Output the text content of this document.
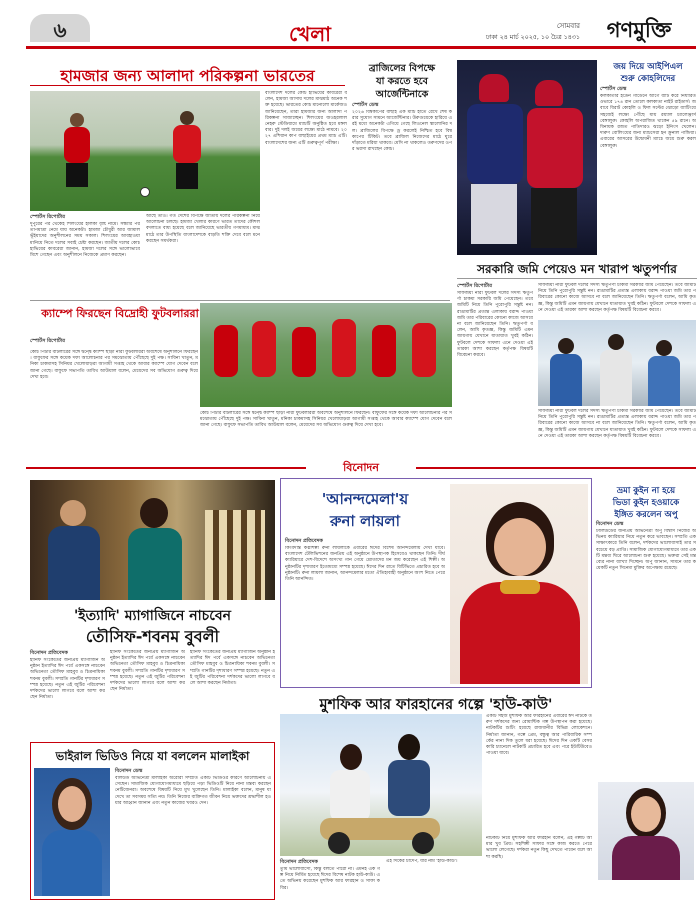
৬	খেলা	সোমবার
ঢাকা ২৪ মার্চ ২০২৫, ১০ চৈত্র ১৪৩১	গণমুক্তি
হামজার জন্য আলাদা পরিকল্পনা ভারতের
স্পোর্টস রিপোর্টার
দুপুরের পর থেকেই শিলংয়ের হালকা বৃষ্টি নামে। সন্ধ্যার পর তাপমাত্রা নেমে যায় অনেকটা। হামজা চৌধুরী আর জামাল ভূঁইয়াদের অনুশীলনের সময় সকাল। শিলংয়ের আবহাওয়া মানিয়ে নিতে দলের সবাই চেষ্টা করছেন। জাতীয় দলের কোচ হাভিয়ের কাবরেরা জানান, হামজা দলের সঙ্গে ভালোভাবে মিশে গেছেন এবং অনুশীলনে নিজেকে প্রমাণ করছেন।
আছে তাও। গত দেশের বিপক্ষে জাতীয় দলের পরিকল্পনা নিয়ে আলোচনা চলছে। হামজা খেলার কারণে ভারত তাদের কৌশল বদলাতে বাধ্য হয়েছে বলে জানিয়েছে ভারতীয় গণমাধ্যম। মাঝমাঠে তার উপস্থিতি বাংলাদেশকে বাড়তি শক্তি দেবে বলে মনে করছেন সমর্থকরা।
বাংলাদেশ দলের কোচ হাভিয়ের কাবরেরা বলেন, হামজা আসায় দলের মাঝমাঠ অনেক শক্ত হয়েছে। ভারতের কোচ মানোলো মার্কেজও জানিয়েছেন, তারা হামজার জন্য আলাদা পরিকল্পনা সাজাচ্ছেন। শিলংয়ের জওহরলাল নেহরু স্টেডিয়ামে ম্যাচটি অনুষ্ঠিত হবে মঙ্গলবার। দুই দলই জয়ের লক্ষ্যে মাঠে নামবে। ২০২৭ এশিয়ান কাপ বাছাইয়ের প্রথম ম্যাচ এটি। বাংলাদেশের জন্য এটি গুরুত্বপূর্ণ পরীক্ষা।
ব্রাজিলের বিপক্ষে
যা করতে হবে
আর্জেন্টিনাকে
স্পোর্টস ডেস্ক
২০২৬ বিশ্বকাপের বাছাই এক ম্যাচ হাতে রেখে শেষ করার সুযোগ সামনে আর্জেন্টিনার। উরুগুয়েকে হারিয়ে এরই মধ্যে অনেকটা এগিয়ে গেছে লিওনেল স্কালোনির দল। ব্রাজিলের বিপক্ষে ড্র করলেই নিশ্চিত হবে বিশ্বকাপের টিকিট। তবে ব্রাজিল নিজেদের মাঠে ঘুরে দাঁড়াতে মরিয়া থাকবে। মেসি না থাকলেও তরুণদের ওপর ভরসা রাখছেন কোচ।
জয় দিয়ে আইপিএল
শুরু কোহলিদের
স্পোর্টস ডেস্ক
কলকাতার ইডেন গার্ডেনে আগে ব্যাট করে নির্ধারিত ওভারে ১৭৪ রান তোলে কলকাতা নাইট রাইডার্স। জবাবে বিরাট কোহলি ও ফিল সল্টের ঝোড়ো ব্যাটিংয়ে সহজেই লক্ষ্যে পৌঁছে যায় রয়্যাল চ্যালেঞ্জার্স বেঙ্গালুরু। কোহলি অপরাজিত থাকেন ৫৯ রানে। অধিনায়ক রজত পাতিদারও ঝড়ো ইনিংস খেলেন। দারুণ বোলিংয়ের জন্য ম্যাচসেরা হন ক্রুনাল পান্ডিয়া। এবারের আসরের উদ্বোধনী ম্যাচে জয়ে শুরু করল বেঙ্গালুরু।
সরকারি জমি পেয়েও মন খারাপ ঋতুপর্ণার
স্পোর্টস রিপোর্টার
সাফজয়ী নারী ফুটবল দলের সদস্য ঋতুপর্ণা চাকমা সরকারি জমি পেয়েছেন। তবে জমিটি নিয়ে তিনি পুরোপুরি সন্তুষ্ট নন। রাঙামাটির প্রত্যন্ত এলাকায় বরাদ্দ পাওয়া জমি তার পরিবারের কোনো কাজে আসবে না বলে জানিয়েছেন তিনি। ঋতুপর্ণা বলেন, আমি কৃতজ্ঞ, কিন্তু জমিটি এমন জায়গায় যেখানে যাতায়াত খুবই কঠিন। ফুটবলে দেশকে সাফল্য এনে দেওয়া এই তারকা আশা করছেন কর্তৃপক্ষ বিষয়টি বিবেচনা করবে।
সাফজয়ী নারী ফুটবল দলের সদস্য ঋতুপর্ণা চাকমা সরকারি জমি পেয়েছেন। তবে জমিটি নিয়ে তিনি পুরোপুরি সন্তুষ্ট নন। রাঙামাটির প্রত্যন্ত এলাকায় বরাদ্দ পাওয়া জমি তার পরিবারের কোনো কাজে আসবে না বলে জানিয়েছেন তিনি। ঋতুপর্ণা বলেন, আমি কৃতজ্ঞ, কিন্তু জমিটি এমন জায়গায় যেখানে যাতায়াত খুবই কঠিন। ফুটবলে দেশকে সাফল্য এনে দেওয়া এই তারকা আশা করছেন কর্তৃপক্ষ বিষয়টি বিবেচনা করবে।
সাফজয়ী নারী ফুটবল দলের সদস্য ঋতুপর্ণা চাকমা সরকারি জমি পেয়েছেন। তবে জমিটি নিয়ে তিনি পুরোপুরি সন্তুষ্ট নন। রাঙামাটির প্রত্যন্ত এলাকায় বরাদ্দ পাওয়া জমি তার পরিবারের কোনো কাজে আসবে না বলে জানিয়েছেন তিনি। ঋতুপর্ণা বলেন, আমি কৃতজ্ঞ, কিন্তু জমিটি এমন জায়গায় যেখানে যাতায়াত খুবই কঠিন। ফুটবলে দেশকে সাফল্য এনে দেওয়া এই তারকা আশা করছেন কর্তৃপক্ষ বিষয়টি বিবেচনা করবে।
ক্যাম্পে ফিরছেন বিদ্রোহী ফুটবলাররা
স্পোর্টস রিপোর্টার
কোচ পিটার বাটলারের সঙ্গে দ্বন্দ্বে ক্যাম্প ছাড়া নারী ফুটবলাররা অবশেষে অনুশীলনে ফিরছেন। বাফুফের সঙ্গে কয়েক দফা আলোচনার পর সমঝোতায় পৌঁছেছে দুই পক্ষ। সাবিনা খাতুন, মনিকা চাকমাসহ সিনিয়র খেলোয়াড়রা আগামী সপ্তাহ থেকে আবার ক্যাম্পে যোগ দেবেন বলে জানা গেছে। বাফুফে সভাপতি তাবিথ আউয়াল বলেন, মেয়েদের সব অভিযোগ গুরুত্ব দিয়ে দেখা হবে।
কোচ পিটার বাটলারের সঙ্গে দ্বন্দ্বে ক্যাম্প ছাড়া নারী ফুটবলাররা অবশেষে অনুশীলনে ফিরছেন। বাফুফের সঙ্গে কয়েক দফা আলোচনার পর সমঝোতায় পৌঁছেছে দুই পক্ষ। সাবিনা খাতুন, মনিকা চাকমাসহ সিনিয়র খেলোয়াড়রা আগামী সপ্তাহ থেকে আবার ক্যাম্পে যোগ দেবেন বলে জানা গেছে। বাফুফে সভাপতি তাবিথ আউয়াল বলেন, মেয়েদের সব অভিযোগ গুরুত্ব দিয়ে দেখা হবে।
বিনোদন
'ইত্যাদি' ম্যাগাজিনে নাচবেন
তৌসিফ-শবনম বুবলী
বিনোদন প্রতিবেদক
হানিফ সংকেতের জনপ্রিয় ম্যাগাজিন অনুষ্ঠান ইত্যাদির ঈদ পর্বে একসঙ্গে নাচবেন অভিনেতা তৌসিফ মাহবুব ও চিত্রনায়িকা শবনম বুবলী। সম্প্রতি গানটির দৃশ্যধারণ সম্পন্ন হয়েছে। নতুন এই জুটির পরিবেশনা দর্শকদের ভালো লাগবে বলে আশা করছেন নির্মাতা।
হানিফ সংকেতের জনপ্রিয় ম্যাগাজিন অনুষ্ঠান ইত্যাদির ঈদ পর্বে একসঙ্গে নাচবেন অভিনেতা তৌসিফ মাহবুব ও চিত্রনায়িকা শবনম বুবলী। সম্প্রতি গানটির দৃশ্যধারণ সম্পন্ন হয়েছে। নতুন এই জুটির পরিবেশনা দর্শকদের ভালো লাগবে বলে আশা করছেন নির্মাতা।
হানিফ সংকেতের জনপ্রিয় ম্যাগাজিন অনুষ্ঠান ইত্যাদির ঈদ পর্বে একসঙ্গে নাচবেন অভিনেতা তৌসিফ মাহবুব ও চিত্রনায়িকা শবনম বুবলী। সম্প্রতি গানটির দৃশ্যধারণ সম্পন্ন হয়েছে। নতুন এই জুটির পরিবেশনা দর্শকদের ভালো লাগবে বলে আশা করছেন নির্মাতা।
'আনন্দমেলা'য়
রুনা লায়লা
বিনোদন প্রতিবেদক
কিংবদন্তি কণ্ঠশিল্পী রুনা লায়লাকে এবারের ঈদের বিশেষ আনন্দমেলায় দেখা যাবে। বাংলাদেশ টেলিভিশনের জনপ্রিয় এই অনুষ্ঠানে উপস্থাপক হিসেবেও থাকছেন তিনি। দীর্ঘ ক্যারিয়ারে দেশ-বিদেশে অসংখ্য গান গেয়ে শ্রোতাদের মন জয় করেছেন এই শিল্পী। অনুষ্ঠানটির দৃশ্যধারণ ইতোমধ্যে সম্পন্ন হয়েছে। ঈদের দিন রাতে বিটিভিতে প্রচারিত হবে অনুষ্ঠানটি। রুনা লায়লা জানান, আনন্দমেলার মতো ঐতিহ্যবাহী অনুষ্ঠানে অংশ নিতে পেরে তিনি আনন্দিত।
ভ্রমা কুইন না হয়ে
ভিডা কুইন হওয়াকে
ইঙ্গিত করলেন অপু
বিনোদন ডেস্ক
ঢালিউডের জনপ্রিয় অভিনেত্রী অপু বিশ্বাস নিজের অভিনয় ক্যারিয়ার নিয়ে নতুন করে ভাবছেন। সম্প্রতি এক সাক্ষাৎকারে তিনি বলেন, দর্শকদের ভালোবাসাই তার সবচেয়ে বড় প্রাপ্তি। সামাজিক যোগাযোগমাধ্যমে তার একটি মন্তব্য ঘিরে আলোচনা শুরু হয়েছে। ভক্তরা সেই মন্তব্যের নানা ব্যাখ্যা দিচ্ছেন। অপু জানান, সামনে তার কয়েকটি নতুন সিনেমা মুক্তির অপেক্ষায় রয়েছে।
মুশফিক আর ফারহানের গল্পে 'হাউ-কাউ'
বিনোদন প্রতিবেদক
তুমি ভালোবাসো, কিন্তু বলতে পারো না। এমনই এক গল্প নিয়ে নির্মিত হয়েছে ঈদের বিশেষ নাটক হাউ-কাউ। এতে অভিনয় করেছেন মুশফিক আর ফারহান ও সাফা কবির।
এই দিকের চাঁদেপ, যার নাম 'হাউ-কাউ'।
একটি সহজ মুশফিক আর ফারহানের এবারের ঈদ নাটকে তরুণ দর্শকদের জন্য রোমান্টিক গল্প উপস্থাপন করা হয়েছে। নাটকটির শুটিং হয়েছে রাজধানীর বিভিন্ন লোকেশনে। নির্মাতা জানান, গল্পে প্রেম, বন্ধুত্ব আর পারিবারিক সম্পর্কের নানা দিক তুলে ধরা হয়েছে। ঈদের দিন একটি বেসরকারি চ্যানেলে নাটকটি প্রচারিত হবে এবং পরে ইউটিউবেও পাওয়া যাবে।
নাটকটি নিয়ে মুশফিক আর ফারহান বলেন, এই গল্পটি আমার খুব প্রিয়। সহশিল্পী সাফার সঙ্গে কাজ করতে পেরে ভালো লেগেছে। দর্শকরা নতুন কিছু দেখতে পাবেন বলে আশা করছি।
ভাইরাল ভিডিও নিয়ে যা বললেন মালাইকা
বিনোদন ডেস্ক
বলিউড অভিনেত্রী মালাইকা অরোরা সম্প্রতি একটি ভিডিওর কারণে আলোচনায় এসেছেন। সামাজিক যোগাযোগমাধ্যমে ছড়িয়ে পড়া ভিডিওটি নিয়ে নানা মন্তব্য করছেন নেটিজেনরা। অবশেষে বিষয়টি নিয়ে মুখ খুলেছেন তিনি। মালাইকা বলেন, মানুষ যা দেখে তা সবসময় সত্যি নয়। তিনি নিজের ব্যক্তিগত জীবন নিয়ে ভক্তদের শ্রদ্ধাশীল হওয়ার আহ্বান জানান এবং নতুন কাজের খবরও দেন।
